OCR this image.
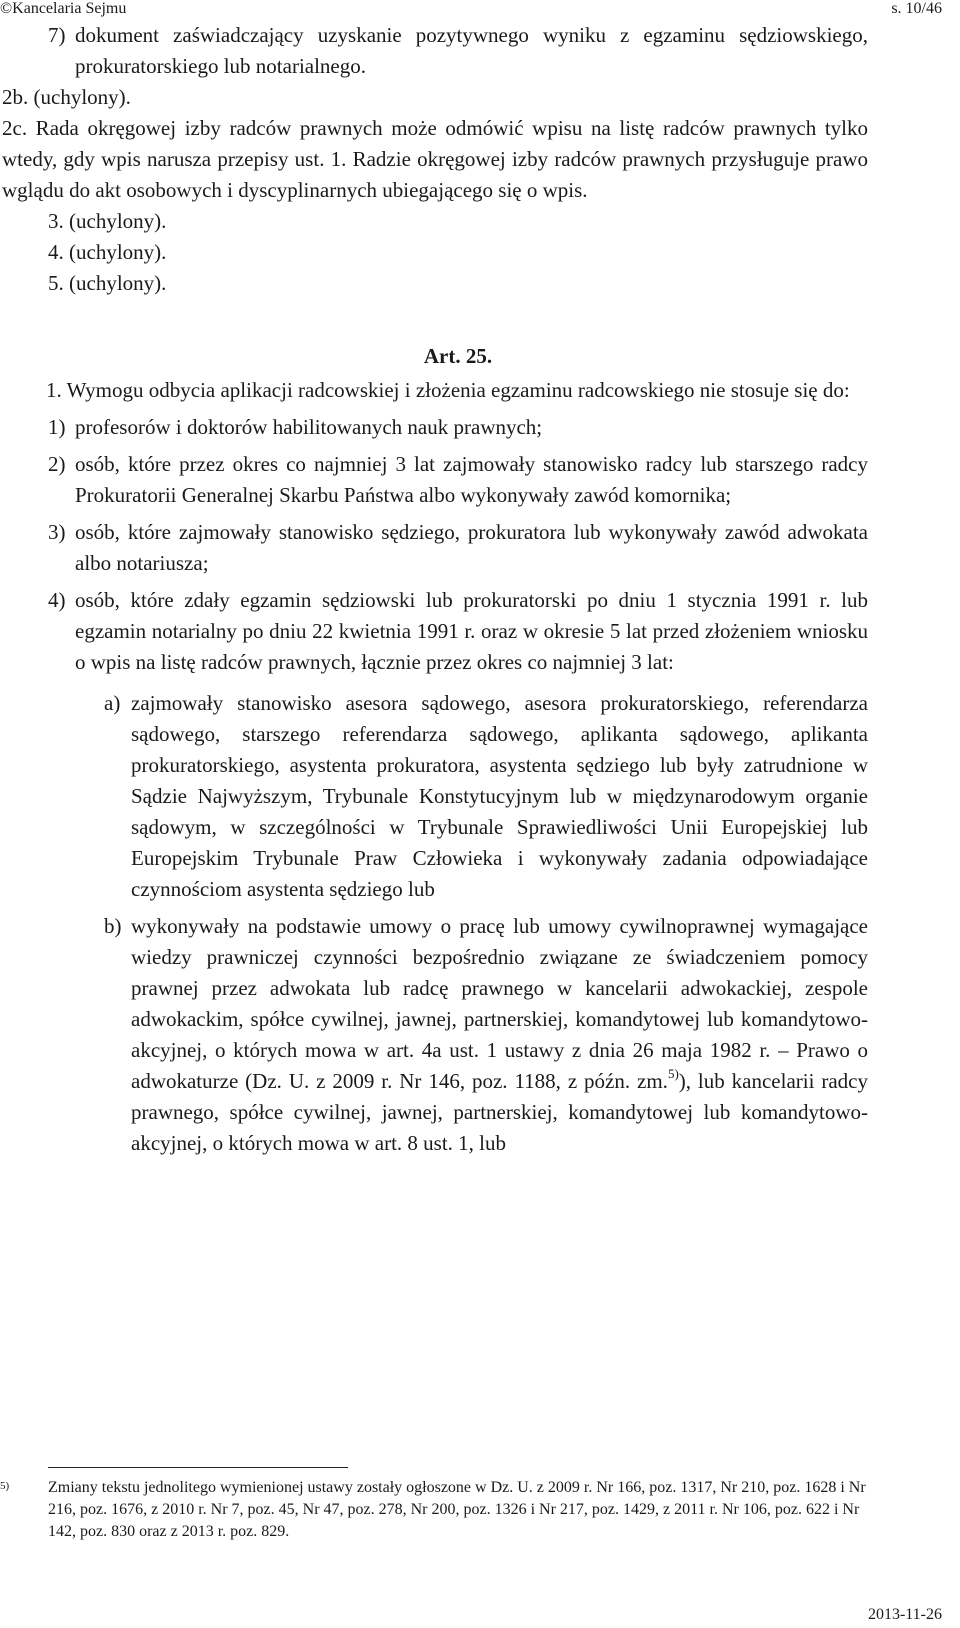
©Kancelaria Sejmu	s. 10/46
7) dokument zaświadczający uzyskanie pozytywnego wyniku z egzaminu sędziowskiego, prokuratorskiego lub notarialnego.

2b. (uchylony).

2c. Rada okręgowej izby radców prawnych może odmówić wpisu na listę radców prawnych tylko wtedy, gdy wpis narusza przepisy ust. 1. Radzie okręgowej izby radców prawnych przysługuje prawo wglądu do akt osobowych i dyscyplinarnych ubiegającego się o wpis.

3. (uchylony).

4. (uchylony).

5. (uchylony).

Art. 25.

1. Wymogu odbycia aplikacji radcowskiej i złożenia egzaminu radcowskiego nie stosuje się do:

1) profesorów i doktorów habilitowanych nauk prawnych;
2) osób, które przez okres co najmniej 3 lat zajmowały stanowisko radcy lub starszego radcy Prokuratorii Generalnej Skarbu Państwa albo wykonywały zawód komornika;
3) osób, które zajmowały stanowisko sędziego, prokuratora lub wykonywały zawód adwokata albo notariusza;
4) osób, które zdały egzamin sędziowski lub prokuratorski po dniu 1 stycznia 1991 r. lub egzamin notarialny po dniu 22 kwietnia 1991 r. oraz w okresie 5 lat przed złożeniem wniosku o wpis na listę radców prawnych, łącznie przez okres co najmniej 3 lat:
a) zajmowały stanowisko asesora sądowego, asesora prokuratorskiego, referendarza sądowego, starszego referendarza sądowego, aplikanta sądowego, aplikanta prokuratorskiego, asystenta prokuratora, asystenta sędziego lub były zatrudnione w Sądzie Najwyższym, Trybunale Konstytucyjnym lub w międzynarodowym organie sądowym, w szczególności w Trybunale Sprawiedliwości Unii Europejskiej lub Europejskim Trybunale Praw Człowieka i wykonywały zadania odpowiadające czynnościom asystenta sędziego lub
b) wykonywały na podstawie umowy o pracę lub umowy cywilnoprawnej wymagające wiedzy prawniczej czynności bezpośrednio związane ze świadczeniem pomocy prawnej przez adwokata lub radcę prawnego w kancelarii adwokackiej, zespole adwokackim, spółce cywilnej, jawnej, partnerskiej, komandytowej lub komandytowo-akcyjnej, o których mowa w art. 4a ust. 1 ustawy z dnia 26 maja 1982 r. – Prawo o adwokaturze (Dz. U. z 2009 r. Nr 146, poz. 1188, z późn. zm.$^{5)}$), lub kancelarii radcy prawnego, spółce cywilnej, jawnej, partnerskiej, komandytowej lub komandytowo-akcyjnej, o których mowa w art. 8 ust. 1, lub
5) Zmiany tekstu jednolitego wymienionej ustawy zostały ogłoszone w Dz. U. z 2009 r. Nr 166, poz. 1317, Nr 210, poz. 1628 i Nr 216, poz. 1676, z 2010 r. Nr 7, poz. 45, Nr 47, poz. 278, Nr 200, poz. 1326 i Nr 217, poz. 1429, z 2011 r. Nr 106, poz. 622 i Nr 142, poz. 830 oraz z 2013 r. poz. 829.
2013-11-26
